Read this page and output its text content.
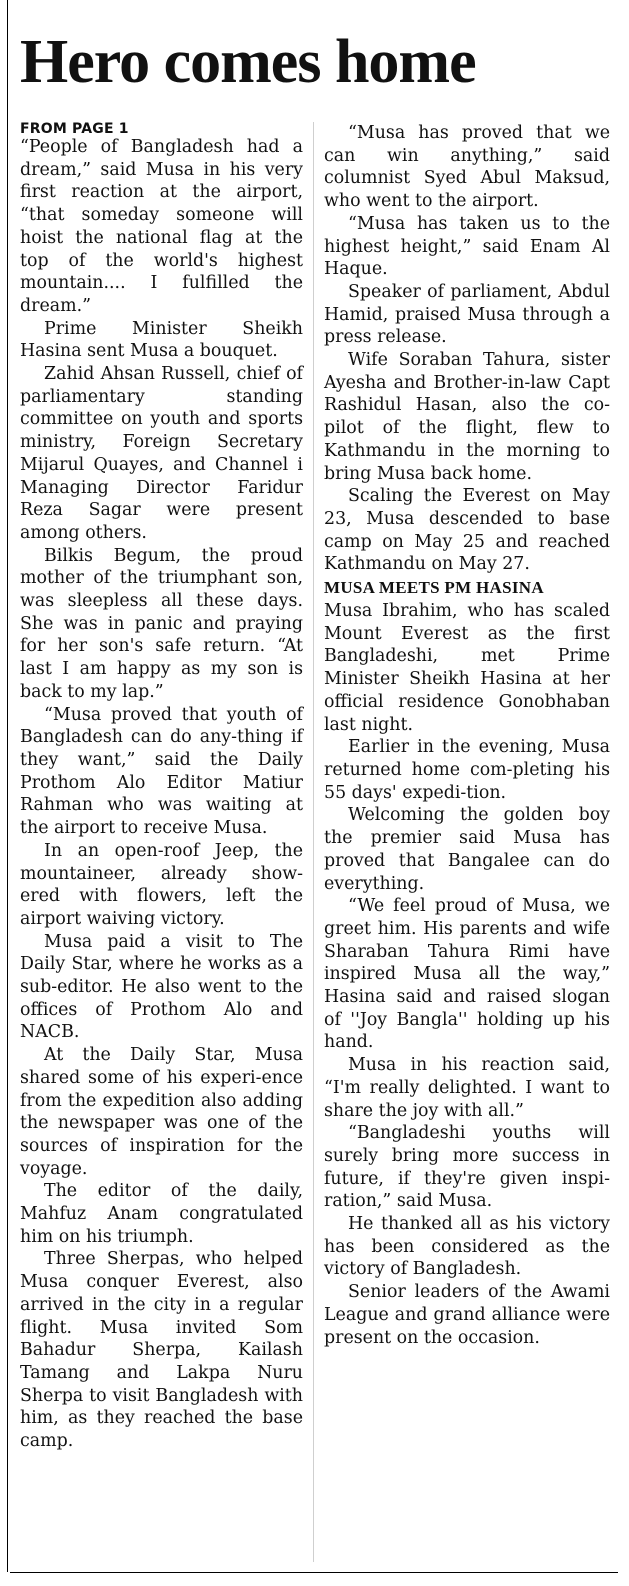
Hero comes home

FROM PAGE 1

“People of Bangladesh had a dream,” said Musa in his very first reaction at the airport, “that someday someone will hoist the national flag at the top of the world's highest mountain.... I fulfilled the dream.”

Prime Minister Sheikh Hasina sent Musa a bouquet.

Zahid Ahsan Russell, chief of parliamentary standing committee on youth and sports ministry, Foreign Secretary Mijarul Quayes, and Channel i Managing Director Faridur Reza Sagar were present among others.

Bilkis Begum, the proud mother of the triumphant son, was sleepless all these days. She was in panic and praying for her son's safe return. “At last I am happy as my son is back to my lap.”

“Musa proved that youth of Bangladesh can do any-thing if they want,” said the Daily Prothom Alo Editor Matiur Rahman who was waiting at the airport to receive Musa.

In an open-roof Jeep, the mountaineer, already show-ered with flowers, left the airport waiving victory.

Musa paid a visit to The Daily Star, where he works as a sub-editor. He also went to the offices of Prothom Alo and NACB.

At the Daily Star, Musa shared some of his experi-ence from the expedition also adding the newspaper was one of the sources of inspiration for the voyage.

The editor of the daily, Mahfuz Anam congratulated him on his triumph.

Three Sherpas, who helped Musa conquer Everest, also arrived in the city in a regular flight. Musa invited Som Bahadur Sherpa, Kailash Tamang and Lakpa Nuru Sherpa to visit Bangladesh with him, as they reached the base camp.

“Musa has proved that we can win anything,” said columnist Syed Abul Maksud, who went to the airport.

“Musa has taken us to the highest height,” said Enam Al Haque.

Speaker of parliament, Abdul Hamid, praised Musa through a press release.

Wife Soraban Tahura, sister Ayesha and Brother-in-law Capt Rashidul Hasan, also the co-pilot of the flight, flew to Kathmandu in the morning to bring Musa back home.

Scaling the Everest on May 23, Musa descended to base camp on May 25 and reached Kathmandu on May 27.

MUSA MEETS PM HASINA

Musa Ibrahim, who has scaled Mount Everest as the first Bangladeshi, met Prime Minister Sheikh Hasina at her official residence Gonobhaban last night.

Earlier in the evening, Musa returned home com-pleting his 55 days' expedi-tion.

Welcoming the golden boy the premier said Musa has proved that Bangalee can do everything.

“We feel proud of Musa, we greet him. His parents and wife Sharaban Tahura Rimi have inspired Musa all the way,” Hasina said and raised slogan of ''Joy Bangla'' holding up his hand.

Musa in his reaction said, “I'm really delighted. I want to share the joy with all.”

“Bangladeshi youths will surely bring more success in future, if they're given inspi-ration,” said Musa.

He thanked all as his victory has been considered as the victory of Bangladesh.

Senior leaders of the Awami League and grand alliance were present on the occasion.
